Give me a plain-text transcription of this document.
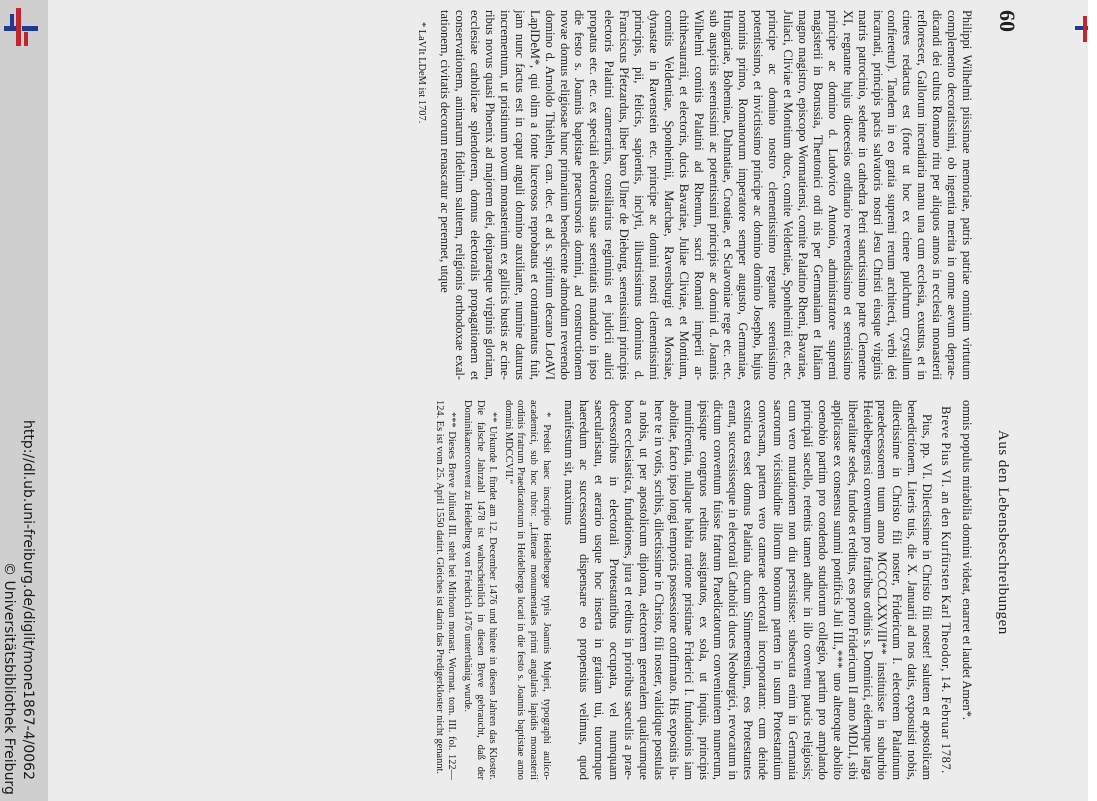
http://dl.ub.uni-freiburg.de/diglit/mone1867-4/0062
© Universitätsbibliothek Freiburg
60
Aus den Lebensbeschreibungen

Philippi Wilhelmi piissimae memoriae, patris patriae omnium virtutum complemento decoratissimi, ob ingentia merita in omne aevum depraedicandi dei cultus Romano ritu per aliquos annos in ecclesia monasterii reflorescer, Gallorum incendiaria manu una cum ecclesia, exustus, et in cineres redactus est (forte ut hoc ex cinere pulchrum crystallum confieretur). Tandem in eo gratia supremi rerum architecti, verbi dei incarnati, principis pacis salvatoris nostri Jesu Christi eiusque virginis matris patrocinio, sedente in cathedra Petri sanctissimo patre Clemente XI, regnante hujus dioecesios ordinario reverendissimo et serenissimo principe ac domino d. Ludovico Antonio, administratore supremi magisterii in Borussia, Theutonici ordi nis per Germaniam et Italiam magno magistro, episcopo Wormatiensi, comite Palatino Rheni, Bavariae, Juliaci, Cliviae et Montium duce, comite Veldentiae, Sponheimii etc. etc. principe ac domino nostro clementissimo regnante serenissimo potentissimo, et invictissimo principe ac domino domino Josepho, hujus nominis primo, Romanorum imperatore semper augusto, Germaniae, Hungariae, Bohemiae, Dalmatiae, Croatiae, et Sclavoniae rege etc. etc. sub auspiciis serenissimi ac potentissimi principis ac domini d. Joannis Wilhelmi comitis Palatini ad Rhenum, sacri Romani imperii archithesaurarii, et electoris, ducis Bavariae, Juliae Cliviae, et Montium, comitis Veldentiae, Sponheimii, Marchae, Ravensburgi et Morsiae, dynastae in Ravenstein etc. principe ac domini nostri clementissimi principis, pii, felicis, sapientis, inclyti, illustrissimus dominus d. Franciscus Pfetzardus, liber baro Ulner de Dieburg, serenissimi principis electoris Palatini camerarius, consiliarius regiminis et judicii aulici propatus etc. etc. ex speciali electoralis suae serenitatis mandato in ipso die festo s. Joannis baptistae praecursoris domini, ad constructionem novae domus religiosae hunc primarium benedicente admodum reverendo domino d. Arnoldo Thiehlen, can. dec. et ad s. spiritum decano LotAVI LapIDeM*, qui olim a fonte lucerosos reprobatus et contaminatus fuit, jam nunc factus est in caput anguli domino auxiliante, numine daturus incrementum, ut pristinum novum monasterium ex gallicis bustis ac cineribus novus quasi Phoenix ad majorem dei, deiparaeque virginis gloriam, ecclesiae catholicae splendorem, domus electoralis propagationem et conservationem, animarum fidelium salutem, religionis orthodoxae exaltationem, civitatis decorum renascatur ac perennet, utque

* LaVIt LDeM ist 1707.

omnis populus mirabilia domini videat, enarret et laudet Amen*.

Breve Pius VI. an den Kurfürsten Karl Theodor, 14. Februar 1787.

Pius, pp. VI. Dilectissime in Christo fili noster! salutem et apostolicam benedictionem. Literis tuis, die X. Januarii ad nos datis, exposuisti nobis, dilectissime in Christo fili noster, Fridericum I. electorem Palatinum praedecessorem tuum anno MCCCCLXXVIII** instituisse in suburbio Heidelbergensi conventum pro fratribus ordinis s. Dominici, eidemque larga liberalitate sedes, fundos et reditus, eos porro Fridericum II anno MDLI, sibi applicasse ex consensu summi pontificis Juli III.,*** uno alteroque abolito coenobio partim pro condendo studiorum collegio, partim pro amplando principali sacello, retentis tamen adhuc in illo conventu paucis religiosis; cum vero mutationem non diu persistisse: subsecuta enim in Germania sacrorum vicissitudine illorum bonorum partem in usum Protestantium conversam, partem vero camerae electorali incorporatam: cum deinde exstincta esset domus Palatina ducum Simmerensium, eos Protestantes erant, successisseque in electorali Catholici duces Neoburgici, revocatum in dictum conventum fuisse fratrum Praedicatorum conveniuntem numerum, ipsisque congruos reditus assignatos, ex sola, ut inquis, principis munificentia, nullaque habita ratione pristinae Friderici I. fundationis iam abolitae, facto ipso longi temporis possessione confirmato. His expositis luhere te in votis, scribis, dilectissime in Christo, fili noster, validique postulas a nobis, ut per apostolicum diploma, electorem generalem qualicumque bona ecclesiastica, fundationes, jura et reditus in prioribus saeculis a praedecessoribus in electorali Protestantibus occupata, vel numquam saecularisatu, et aerario usque hoc inserta in gratiam tui, tuorumque haeredum ac successorum dispensare eo propensius velimus, quod manifestum sit, maximus

* Predsit haec inscriptio Heidelbergae typis Joannis Mujeri, typographi aulico-academici, sub hoc rubro: „Litterae monumentales primi angularis lapidis monasterii ordinis fratrum Praedicatorum in Heidelberga locati in die festo s. Joannis baptistae anno domini MDCCVII.“

** Urkunde I. findet am 12. December 1476 und hütete in diesen Jahren das Kloster. Die falsche Jahrzahl 1478 ist wahrscheinlich in diesen Breve gebraucht, daß der Dominikanerconvent zu Heidelberg von Friedrich 1476 unterthänig wurde.

*** Dieses Breve Juliusd III. steht bei Mirhoun monast. Wormat. tom. III. fol. 122—124. Es ist vom 25. April 1550 datirt. Gleiches ist darin das Predigerkloster nicht genannt.
